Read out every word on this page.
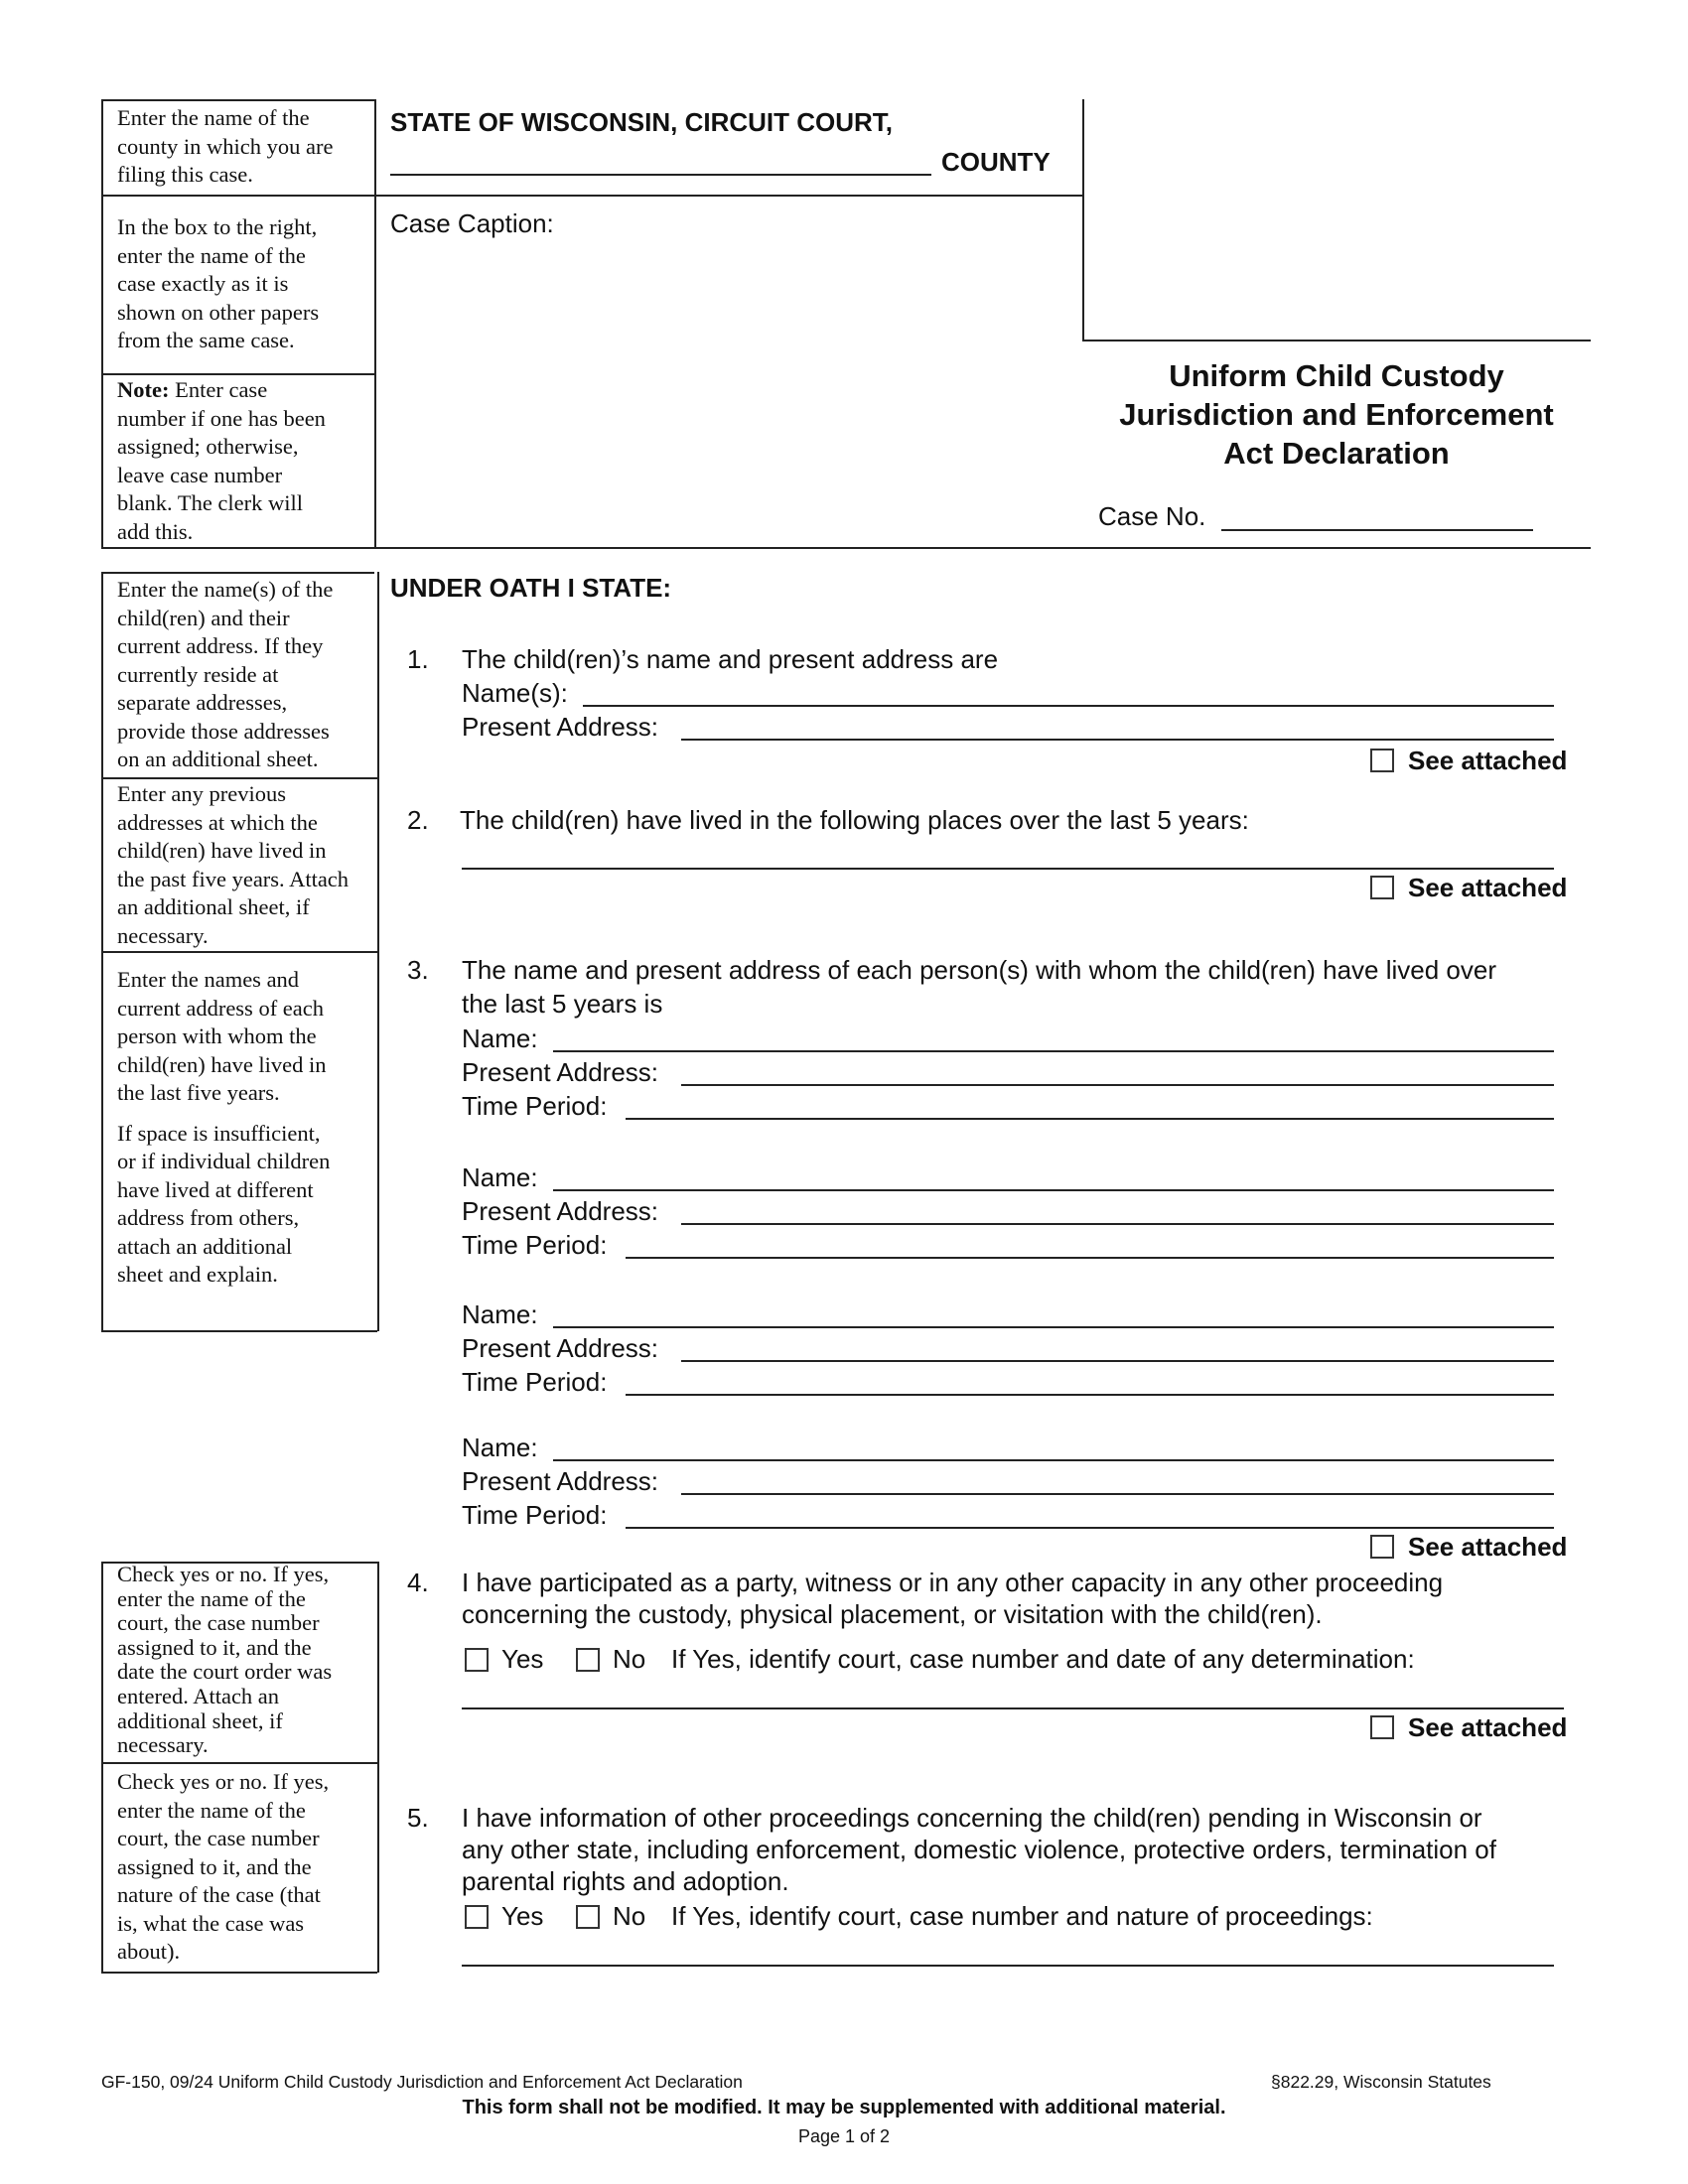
Enter the name of the
county in which you are
filing this case.
In the box to the right,
enter the name of the
case exactly as it is
shown on other papers
from the same case.
Note: Enter case
number if one has been
assigned; otherwise,
leave case number
blank. The clerk will
add this.
STATE OF WISCONSIN, CIRCUIT COURT,
COUNTY
Case Caption:
Uniform Child Custody
Jurisdiction and Enforcement
Act Declaration
Case No.
Enter the name(s) of the
child(ren) and their
current address. If they
currently reside at
separate addresses,
provide those addresses
on an additional sheet.
Enter any previous
addresses at which the
child(ren) have lived in
the past five years. Attach
an additional sheet, if
necessary.
Enter the names and
current address of each
person with whom the
child(ren) have lived in
the last five years.
If space is insufficient,
or if individual children
have lived at different
address from others,
attach an additional
sheet and explain.
Check yes or no. If yes,
enter the name of the
court, the case number
assigned to it, and the
date the court order was
entered. Attach an
additional sheet, if
necessary.
Check yes or no. If yes,
enter the name of the
court, the case number
assigned to it, and the
nature of the case (that
is, what the case was
about).
UNDER OATH I STATE:
1. The child(ren)’s name and present address are
Name(s):
Present Address:
See attached
2. The child(ren) have lived in the following places over the last 5 years:
See attached
3. The name and present address of each person(s) with whom the child(ren) have lived over
the last 5 years is
Name:
Present Address:
Time Period:
Name:
Present Address:
Time Period:
Name:
Present Address:
Time Period:
Name:
Present Address:
Time Period:
See attached
4. I have participated as a party, witness or in any other capacity in any other proceeding
concerning the custody, physical placement, or visitation with the child(ren).
Yes	No If Yes, identify court, case number and date of any determination:
See attached
5. I have information of other proceedings concerning the child(ren) pending in Wisconsin or
any other state, including enforcement, domestic violence, protective orders, termination of
parental rights and adoption.
Yes	No If Yes, identify court, case number and nature of proceedings:
GF-150, 09/24 Uniform Child Custody Jurisdiction and Enforcement Act Declaration	§822.29, Wisconsin Statutes
This form shall not be modified. It may be supplemented with additional material.
Page 1 of 2
